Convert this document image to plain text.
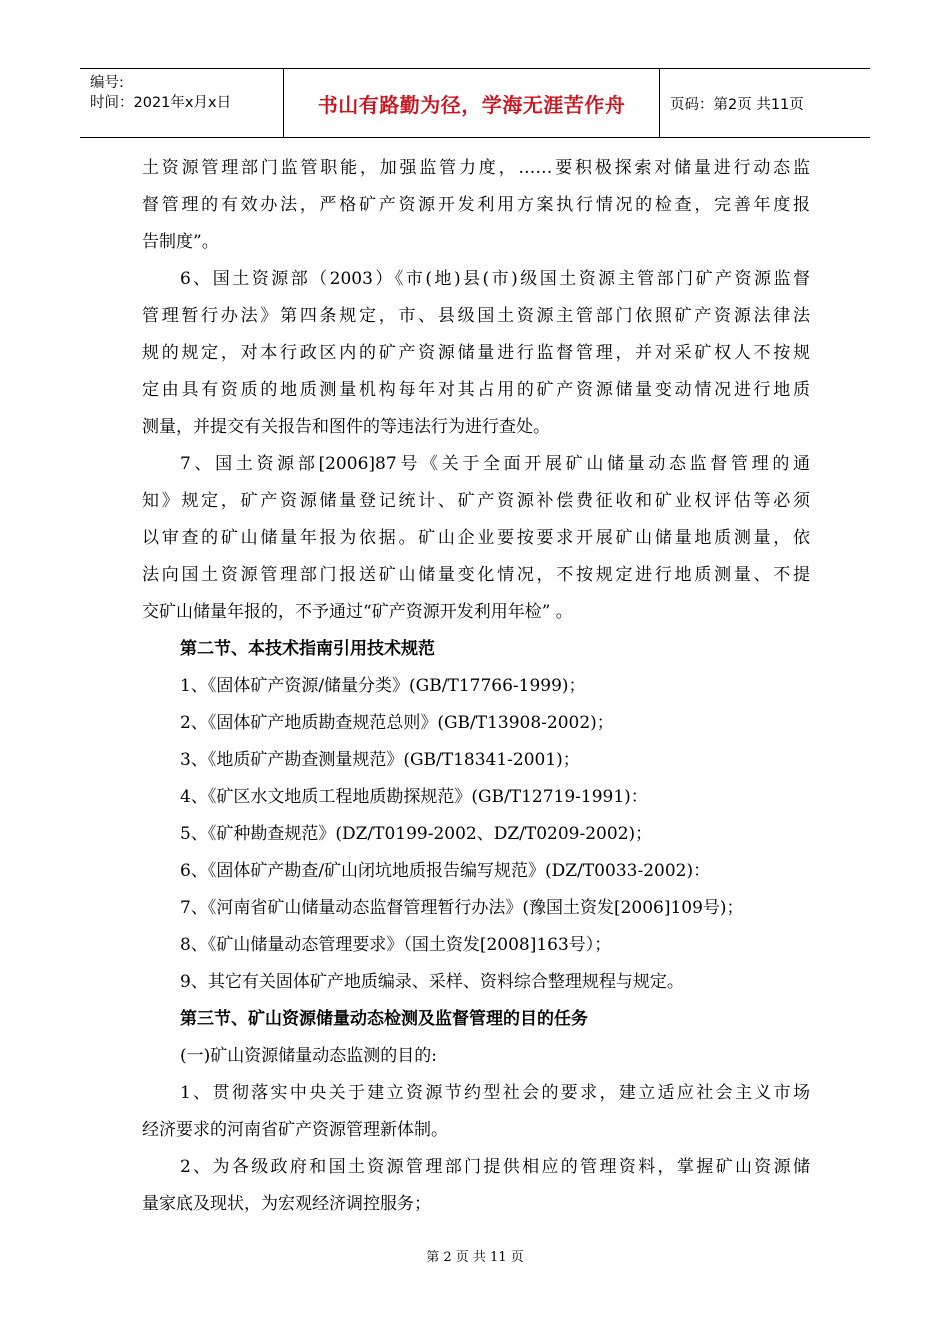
编号:
时间：2021年x月x日	书山有路勤为径，学海无涯苦作舟	页码：第2页 共11页
土资源管理部门监管职能，加强监管力度，……要积极探索对储量进行动态监
督管理的有效办法，严格矿产资源开发利用方案执行情况的检查，完善年度报
告制度”。
6、国土资源部（2003）《市(地)县(市)级国土资源主管部门矿产资源监督
管理暂行办法》第四条规定，市、县级国土资源主管部门依照矿产资源法律法
规的规定，对本行政区内的矿产资源储量进行监督管理，并对采矿权人不按规
定由具有资质的地质测量机构每年对其占用的矿产资源储量变动情况进行地质
测量，并提交有关报告和图件的等违法行为进行查处。
7、国土资源部[2006]87号《关于全面开展矿山储量动态监督管理的通
知》规定，矿产资源储量登记统计、矿产资源补偿费征收和矿业权评估等必须
以审查的矿山储量年报为依据。矿山企业要按要求开展矿山储量地质测量，依
法向国土资源管理部门报送矿山储量变化情况，不按规定进行地质测量、不提
交矿山储量年报的，不予通过“矿产资源开发利用年检” 。
第二节、本技术指南引用技术规范
1、《固体矿产资源/储量分类》(GB/T17766-1999)；
2、《固体矿产地质勘查规范总则》(GB/T13908-2002)；
3、《地质矿产勘查测量规范》(GB/T18341-2001)；
4、《矿区水文地质工程地质勘探规范》(GB/T12719-1991)：
5、《矿种勘查规范》(DZ/T0199-2002、DZ/T0209-2002)；
6、《固体矿产勘查/矿山闭坑地质报告编写规范》(DZ/T0033-2002)：
7、《河南省矿山储量动态监督管理暂行办法》(豫国土资发[2006]109号)；
8、《矿山储量动态管理要求》（国土资发[2008]163号）；
9、其它有关固体矿产地质编录、采样、资料综合整理规程与规定。
第三节、矿山资源储量动态检测及监督管理的目的任务
(一)矿山资源储量动态监测的目的:
1、贯彻落实中央关于建立资源节约型社会的要求，建立适应社会主义市场
经济要求的河南省矿产资源管理新体制。
2、为各级政府和国土资源管理部门提供相应的管理资料，掌握矿山资源储
量家底及现状，为宏观经济调控服务；
第 2 页 共 11 页
